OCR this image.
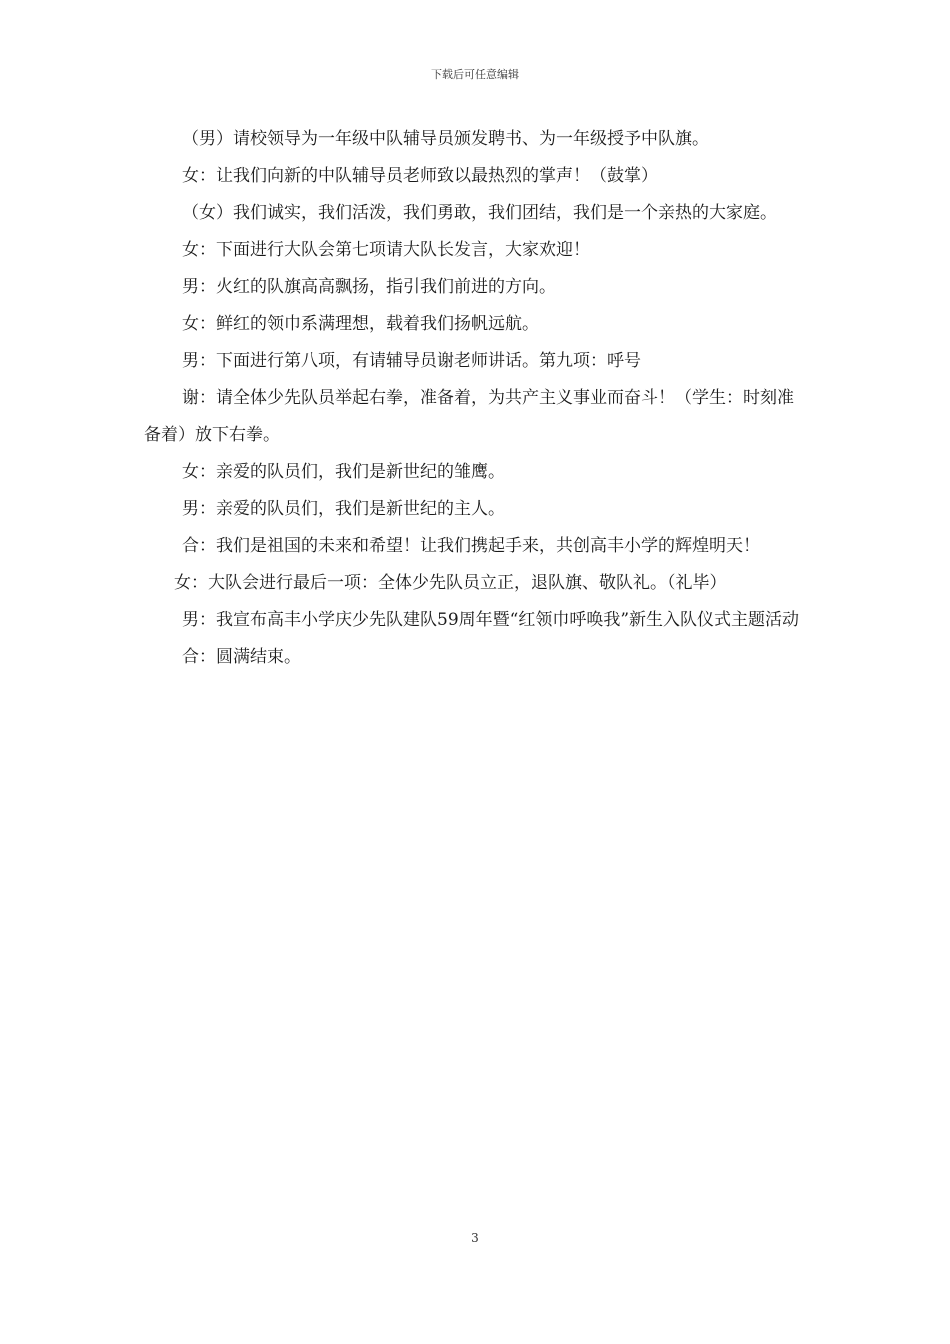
下载后可任意编辑

（男）请校领导为一年级中队辅导员颁发聘书、为一年级授予中队旗。

女：让我们向新的中队辅导员老师致以最热烈的掌声！（鼓掌）

（女）我们诚实，我们活泼，我们勇敢，我们团结，我们是一个亲热的大家庭。

女：下面进行大队会第七项请大队长发言，大家欢迎！

男：火红的队旗高高飘扬，指引我们前进的方向。

女：鲜红的领巾系满理想，载着我们扬帆远航。

男：下面进行第八项，有请辅导员谢老师讲话。第九项：呼号

谢：请全体少先队员举起右拳，准备着，为共产主义事业而奋斗！（学生：时刻准备着）放下右拳。

女：亲爱的队员们，我们是新世纪的雏鹰。

男：亲爱的队员们，我们是新世纪的主人。

合：我们是祖国的未来和希望！让我们携起手来，共创高丰小学的辉煌明天！

女：大队会进行最后一项：全体少先队员立正，退队旗、敬队礼。（礼毕）

男：我宣布高丰小学庆少先队建队59周年暨“红领巾呼唤我”新生入队仪式主题活动

合：圆满结束。

3
